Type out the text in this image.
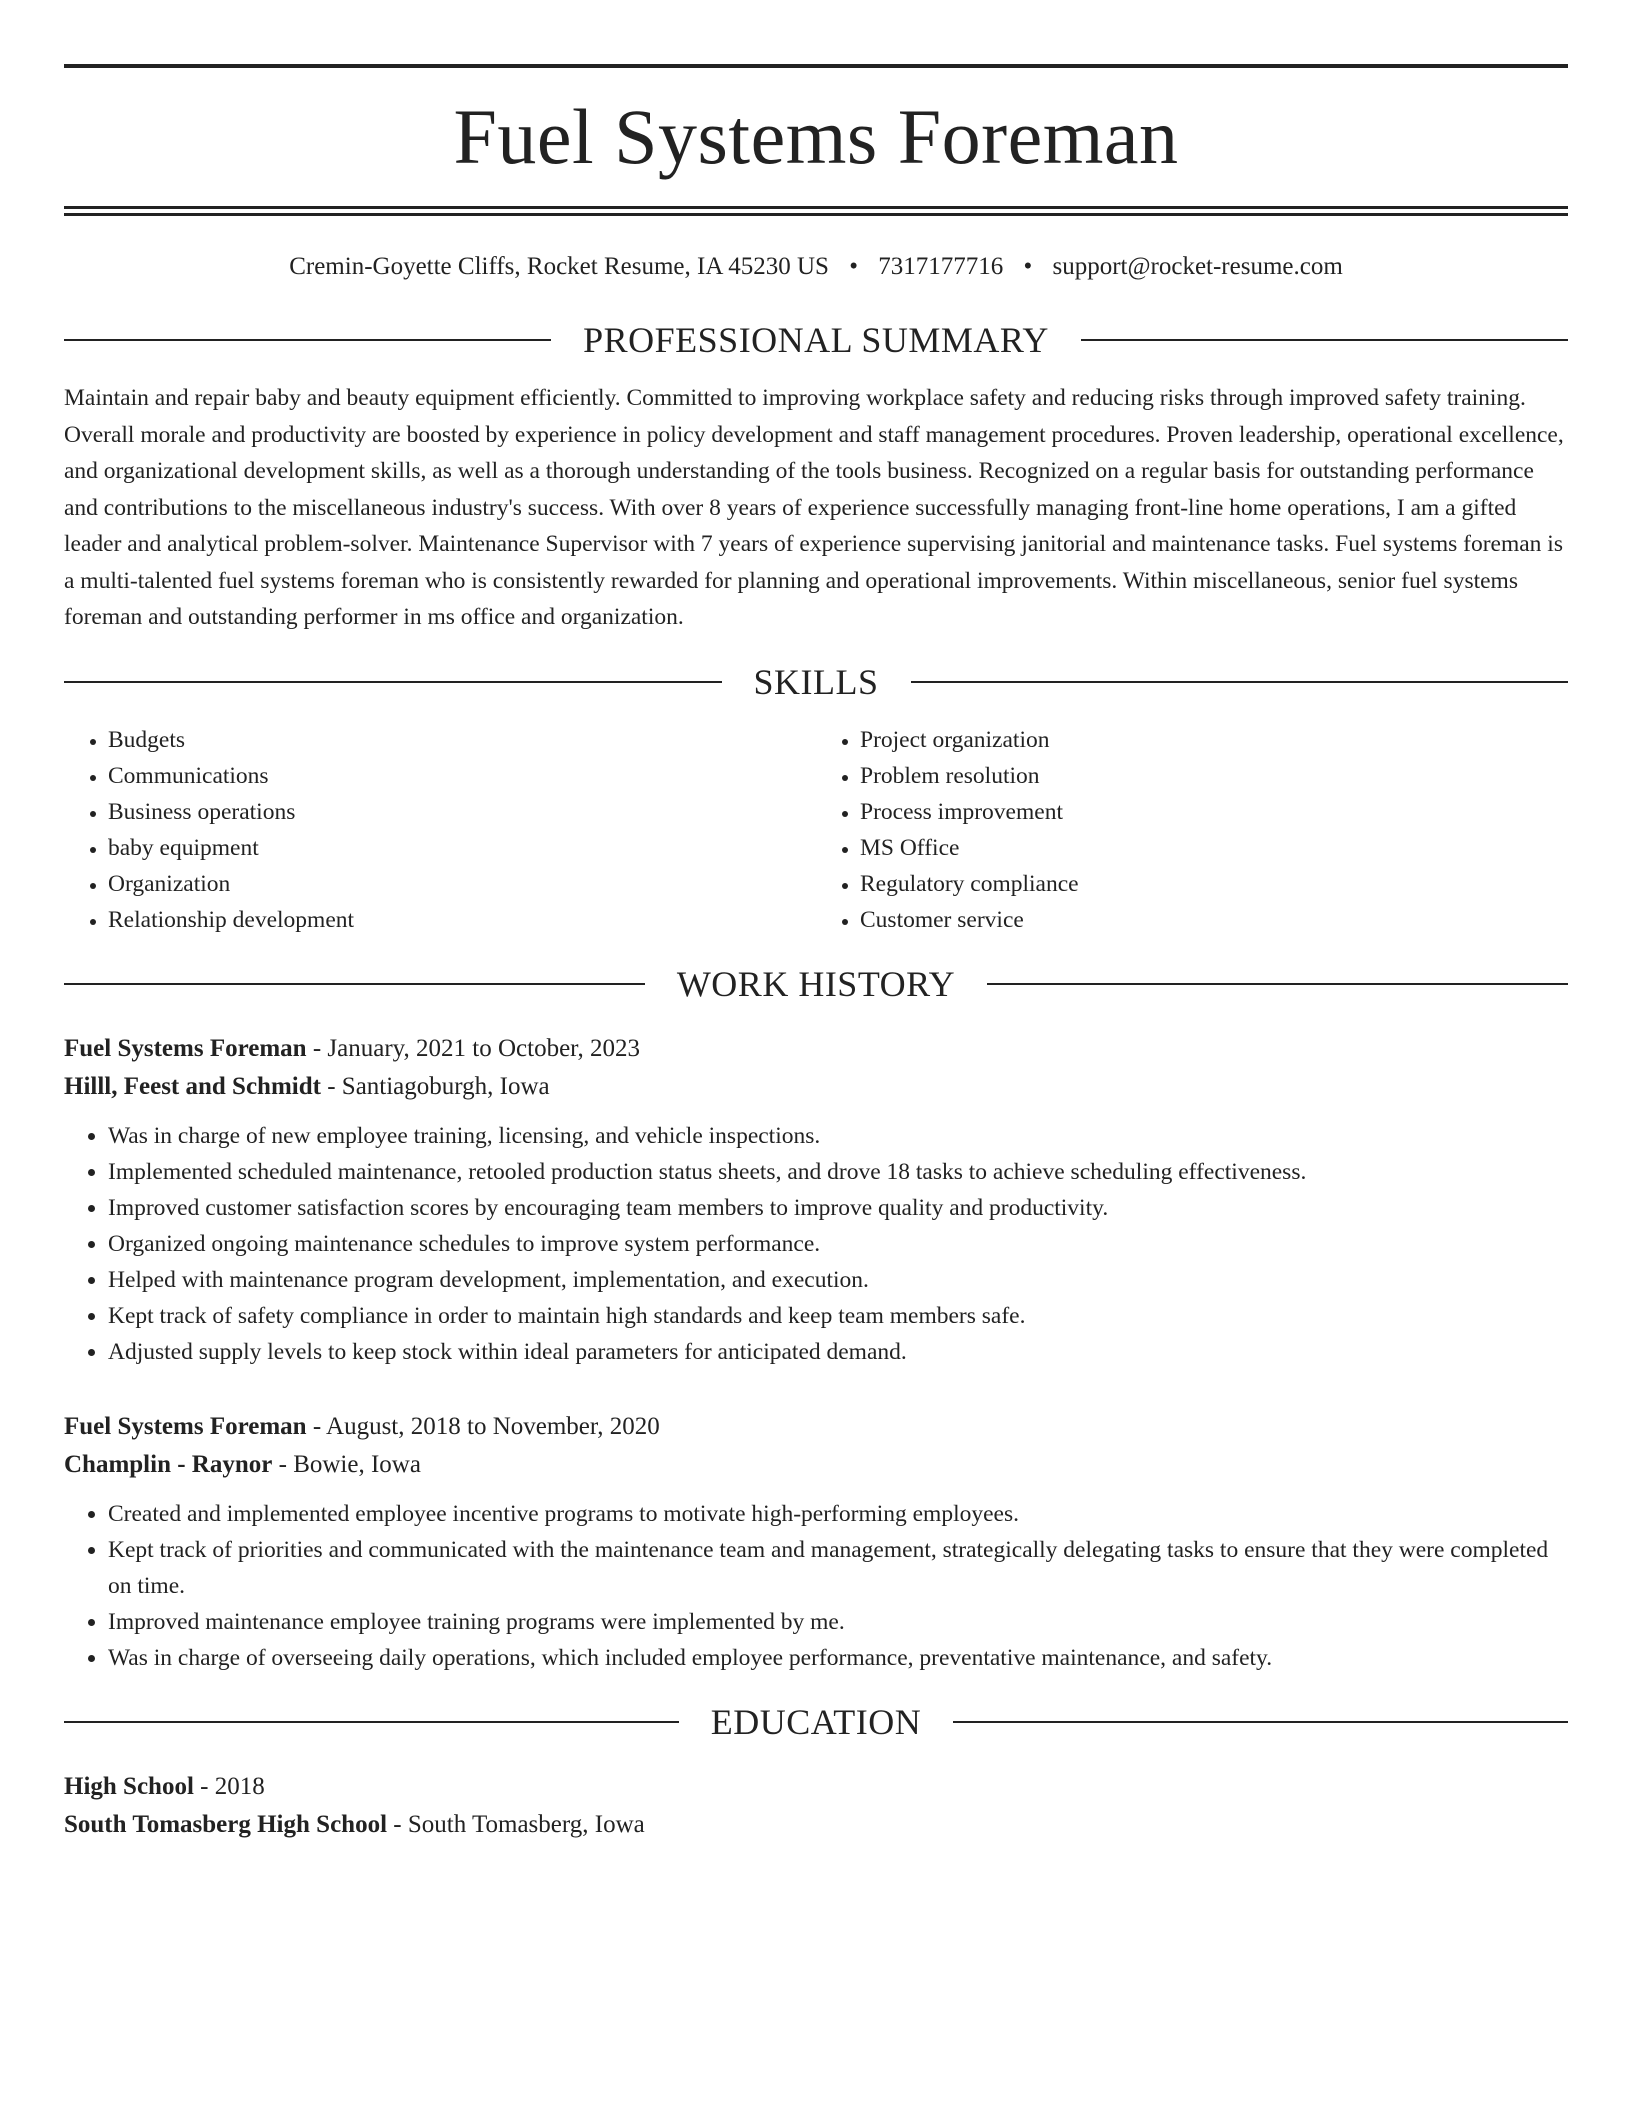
Fuel Systems Foreman
Cremin-Goyette Cliffs, Rocket Resume, IA 45230 US • 7317177716 • support@rocket-resume.com
PROFESSIONAL SUMMARY

Maintain and repair baby and beauty equipment efficiently. Committed to improving workplace safety and reducing risks through improved safety training. Overall morale and productivity are boosted by experience in policy development and staff management procedures. Proven leadership, operational excellence, and organizational development skills, as well as a thorough understanding of the tools business. Recognized on a regular basis for outstanding performance and contributions to the miscellaneous industry's success. With over 8 years of experience successfully managing front-line home operations, I am a gifted leader and analytical problem-solver. Maintenance Supervisor with 7 years of experience supervising janitorial and maintenance tasks. Fuel systems foreman is a multi-talented fuel systems foreman who is consistently rewarded for planning and operational improvements. Within miscellaneous, senior fuel systems foreman and outstanding performer in ms office and organization.

SKILLS
• Budgets
• Communications
• Business operations
• baby equipment
• Organization
• Relationship development
• Project organization
• Problem resolution
• Process improvement
• MS Office
• Regulatory compliance
• Customer service
WORK HISTORY
Fuel Systems Foreman - January, 2021 to October, 2023
Hilll, Feest and Schmidt - Santiagoburgh, Iowa
• Was in charge of new employee training, licensing, and vehicle inspections.
• Implemented scheduled maintenance, retooled production status sheets, and drove 18 tasks to achieve scheduling effectiveness.
• Improved customer satisfaction scores by encouraging team members to improve quality and productivity.
• Organized ongoing maintenance schedules to improve system performance.
• Helped with maintenance program development, implementation, and execution.
• Kept track of safety compliance in order to maintain high standards and keep team members safe.
• Adjusted supply levels to keep stock within ideal parameters for anticipated demand.
Fuel Systems Foreman - August, 2018 to November, 2020
Champlin - Raynor - Bowie, Iowa
• Created and implemented employee incentive programs to motivate high-performing employees.
• Kept track of priorities and communicated with the maintenance team and management, strategically delegating tasks to ensure that they were completed on time.
• Improved maintenance employee training programs were implemented by me.
• Was in charge of overseeing daily operations, which included employee performance, preventative maintenance, and safety.
EDUCATION
High School - 2018
South Tomasberg High School - South Tomasberg, Iowa
